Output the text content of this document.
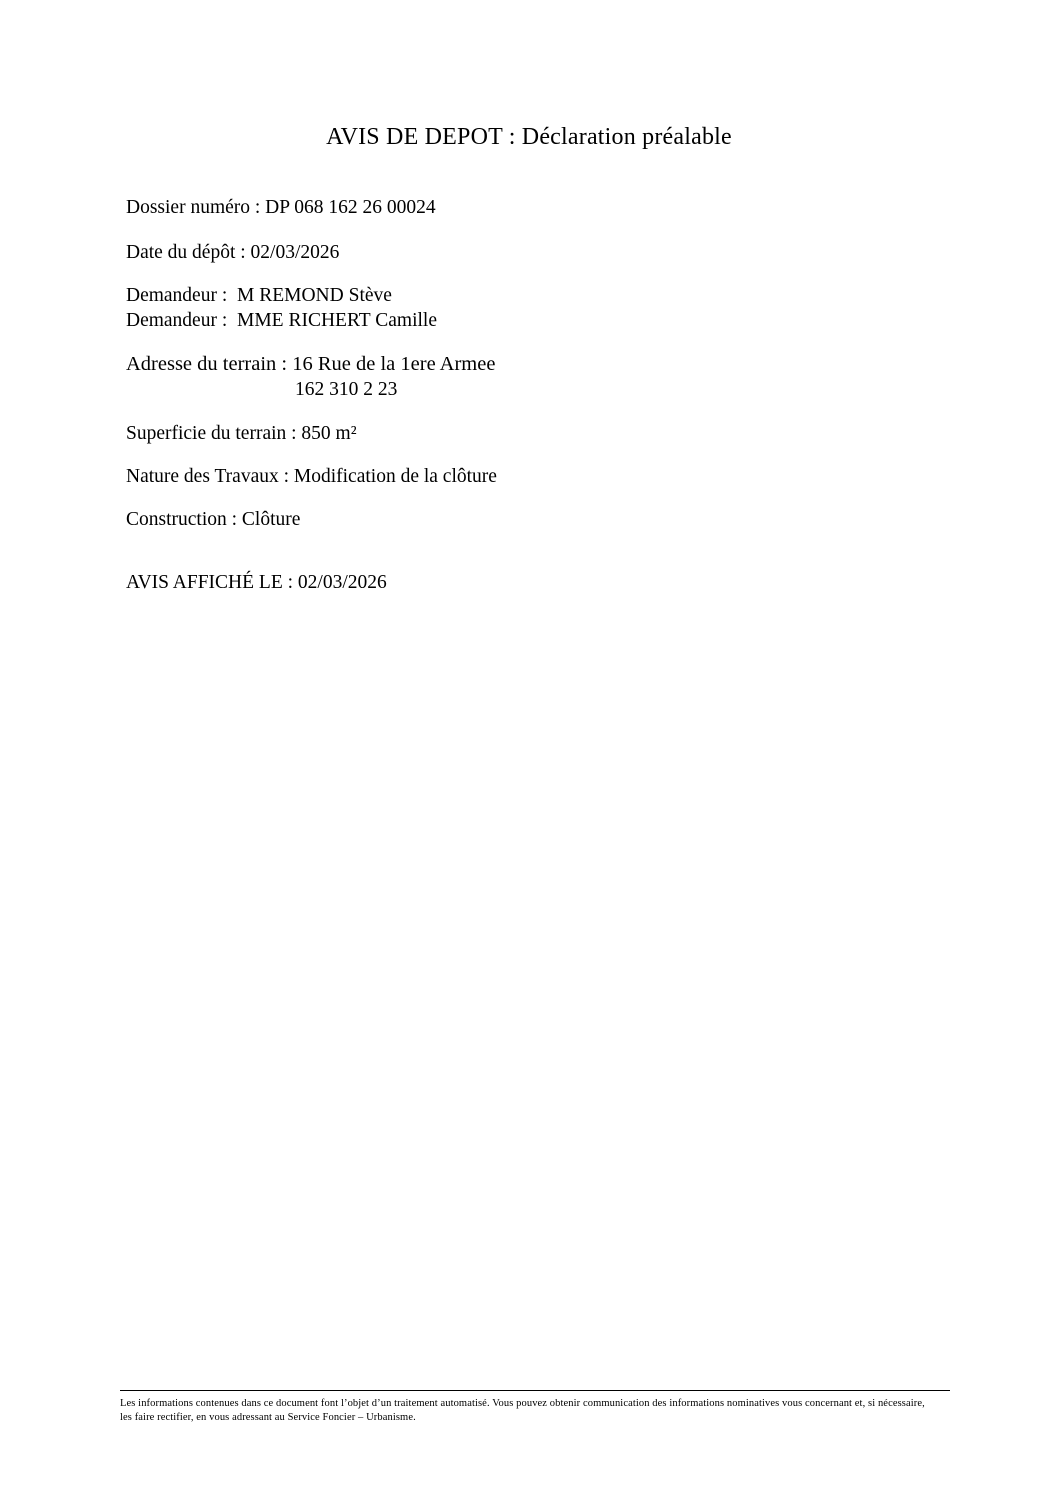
AVIS DE DEPOT : Déclaration préalable
Dossier numéro : DP 068 162 26 00024
Date du dépôt : 02/03/2026
Demandeur :  M REMOND Stève
Demandeur :  MME RICHERT Camille
Adresse du terrain : 16 Rue de la 1ere Armee
162 310 2 23
Superficie du terrain : 850 m²
Nature des Travaux : Modification de la clôture
Construction : Clôture
AVIS AFFICHÉ LE : 02/03/2026
Les informations contenues dans ce document font l’objet d’un traitement automatisé. Vous pouvez obtenir communication des informations nominatives vous concernant et, si nécessaire,
les faire rectifier, en vous adressant au Service Foncier – Urbanisme.
